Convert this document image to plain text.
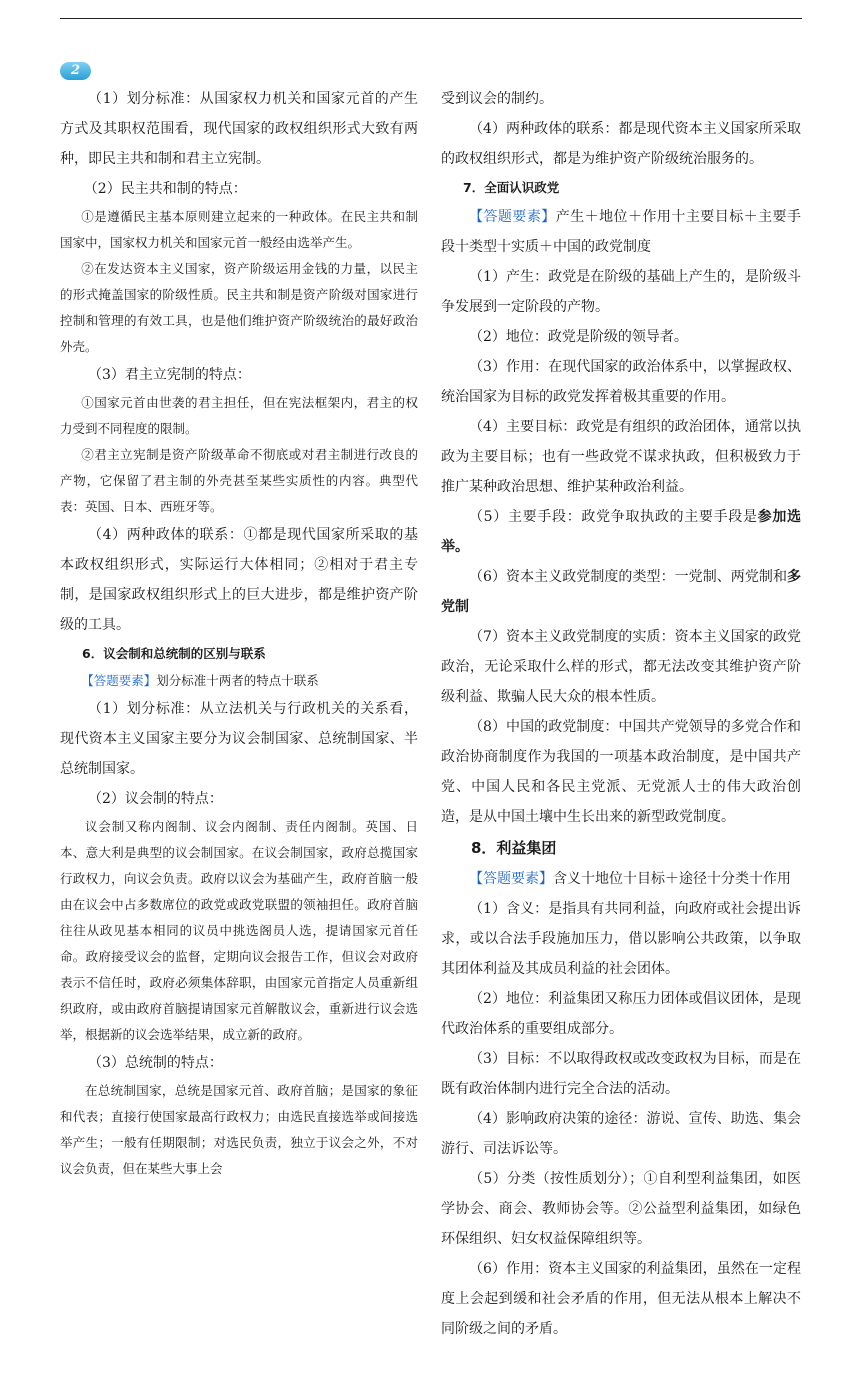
2

（1）划分标准：从国家权力机关和国家元首的产生方式及其职权范围看，现代国家的政权组织形式大致有两种，即民主共和制和君主立宪制。

（2）民主共和制的特点：

①是遵循民主基本原则建立起来的一种政体。在民主共和制国家中，国家权力机关和国家元首一般经由选举产生。

②在发达资本主义国家，资产阶级运用金钱的力量，以民主的形式掩盖国家的阶级性质。民主共和制是资产阶级对国家进行控制和管理的有效工具，也是他们维护资产阶级统治的最好政治外壳。

（3）君主立宪制的特点：

①国家元首由世袭的君主担任，但在宪法框架内，君主的权力受到不同程度的限制。

②君主立宪制是资产阶级革命不彻底或对君主制进行改良的产物，它保留了君主制的外壳甚至某些实质性的内容。典型代表：英国、日本、西班牙等。

（4）两种政体的联系：①都是现代国家所采取的基本政权组织形式，实际运行大体相同；②相对于君主专制，是国家政权组织形式上的巨大进步，都是维护资产阶级的工具。

6．议会制和总统制的区别与联系

【答题要素】划分标准十两者的特点十联系

（1）划分标准：从立法机关与行政机关的关系看，现代资本主义国家主要分为议会制国家、总统制国家、半总统制国家。

（2）议会制的特点：

议会制又称内阁制、议会内阁制、责任内阁制。英国、日本、意大利是典型的议会制国家。在议会制国家，政府总揽国家行政权力，向议会负责。政府以议会为基础产生，政府首脑一般由在议会中占多数席位的政党或政党联盟的领袖担任。政府首脑往往从政见基本相同的议员中挑选阁员人选，提请国家元首任命。政府接受议会的监督，定期向议会报告工作，但议会对政府表示不信任时，政府必须集体辞职，由国家元首指定人员重新组织政府，或由政府首脑提请国家元首解散议会，重新进行议会选举，根据新的议会选举结果，成立新的政府。

（3）总统制的特点：

在总统制国家，总统是国家元首、政府首脑；是国家的象征和代表；直接行使国家最高行政权力；由选民直接选举或间接选举产生；一般有任期限制；对选民负责，独立于议会之外，不对议会负责，但在某些大事上会

受到议会的制约。

（4）两种政体的联系：都是现代资本主义国家所采取的政权组织形式，都是为维护资产阶级统治服务的。

7．全面认识政党

【答题要素】产生＋地位＋作用十主要目标＋主要手段十类型十实质＋中国的政党制度

（1）产生：政党是在阶级的基础上产生的，是阶级斗争发展到一定阶段的产物。

（2）地位：政党是阶级的领导者。

（3）作用：在现代国家的政治体系中，以掌握政权、统治国家为目标的政党发挥着极其重要的作用。

（4）主要目标：政党是有组织的政治团体，通常以执政为主要目标；也有一些政党不谋求执政，但积极致力于推广某种政治思想、维护某种政治利益。

（5）主要手段：政党争取执政的主要手段是参加选举。

（6）资本主义政党制度的类型：一党制、两党制和多党制

（7）资本主义政党制度的实质：资本主义国家的政党政治，无论采取什么样的形式，都无法改变其维护资产阶级利益、欺骗人民大众的根本性质。

（8）中国的政党制度：中国共产党领导的多党合作和政治协商制度作为我国的一项基本政治制度，是中国共产党、中国人民和各民主党派、无党派人士的伟大政治创造，是从中国土壤中生长出来的新型政党制度。

8．利益集团

【答题要素】含义十地位十目标＋途径十分类十作用

（1）含义：是指具有共同利益，向政府或社会提出诉求，或以合法手段施加压力，借以影响公共政策，以争取其团体利益及其成员利益的社会团体。

（2）地位：利益集团又称压力团体或倡议团体，是现代政治体系的重要组成部分。

（3）目标：不以取得政权或改变政权为目标，而是在既有政治体制内进行完全合法的活动。

（4）影响政府决策的途径：游说、宣传、助选、集会游行、司法诉讼等。

（5）分类（按性质划分）；①自利型利益集团，如医学协会、商会、教师协会等。②公益型利益集团，如绿色环保组织、妇女权益保障组织等。

（6）作用：资本主义国家的利益集团，虽然在一定程度上会起到缓和社会矛盾的作用，但无法从根本上解决不同阶级之间的矛盾。
